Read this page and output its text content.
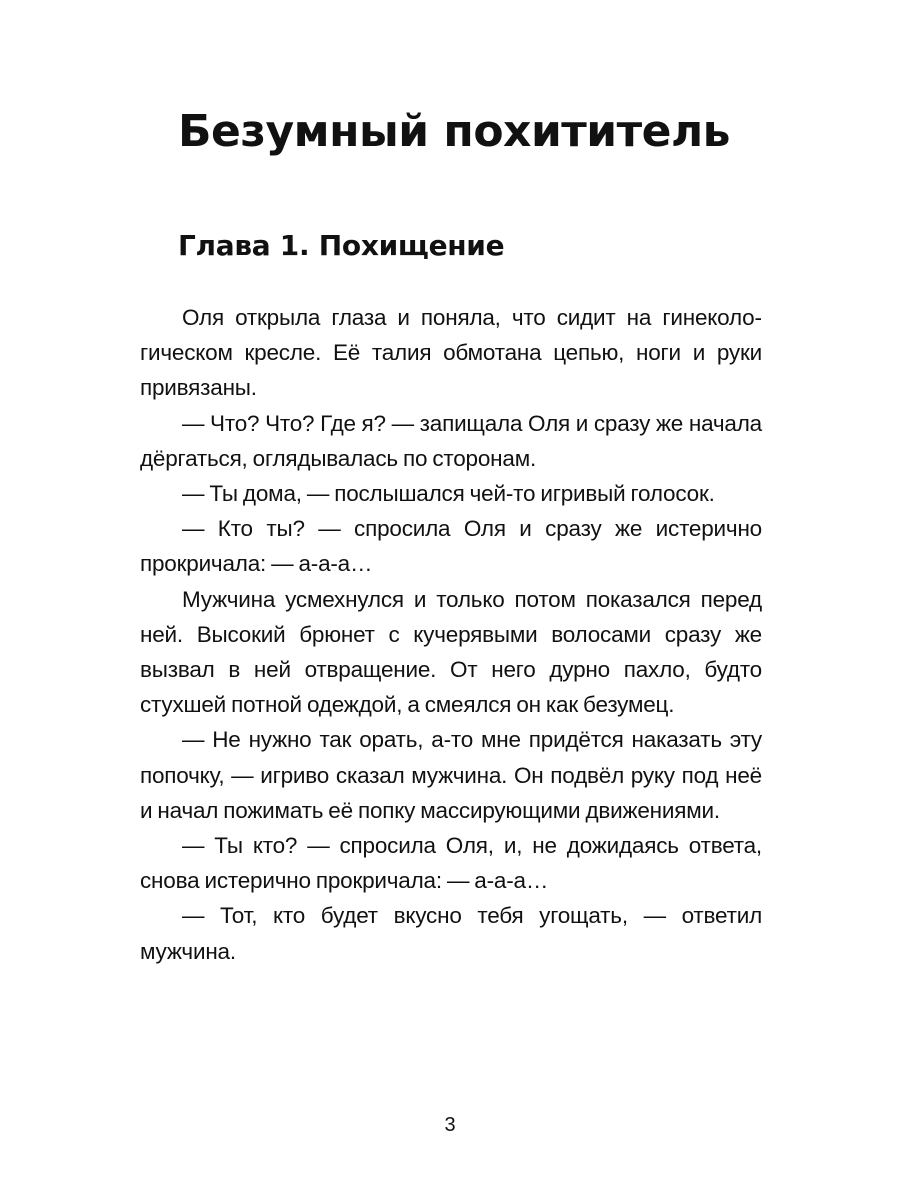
Безумный похититель
Глава 1. Похищение

Оля открыла глаза и поняла, что сидит на гинекологическом кресле. Её талия обмотана цепью, ноги и руки привязаны.

— Что? Что? Где я? — запищала Оля и сразу же начала дёргаться, оглядывалась по сторонам.

— Ты дома, — послышался чей-то игривый голосок.

— Кто ты? — спросила Оля и сразу же истерично прокричала: — а-а-а…

Мужчина усмехнулся и только потом показался перед ней. Высокий брюнет с кучерявыми волосами сразу же вызвал в ней отвращение. От него дурно пахло, будто стухшей потной одеждой, а смеялся он как безумец.

— Не нужно так орать, а-то мне придётся наказать эту попочку, — игриво сказал мужчина. Он подвёл руку под неё и начал пожимать её попку массирующими движениями.

— Ты кто? — спросила Оля, и, не дожидаясь ответа, снова истерично прокричала: — а-а-а…

— Тот, кто будет вкусно тебя угощать, — ответил мужчина.

3
